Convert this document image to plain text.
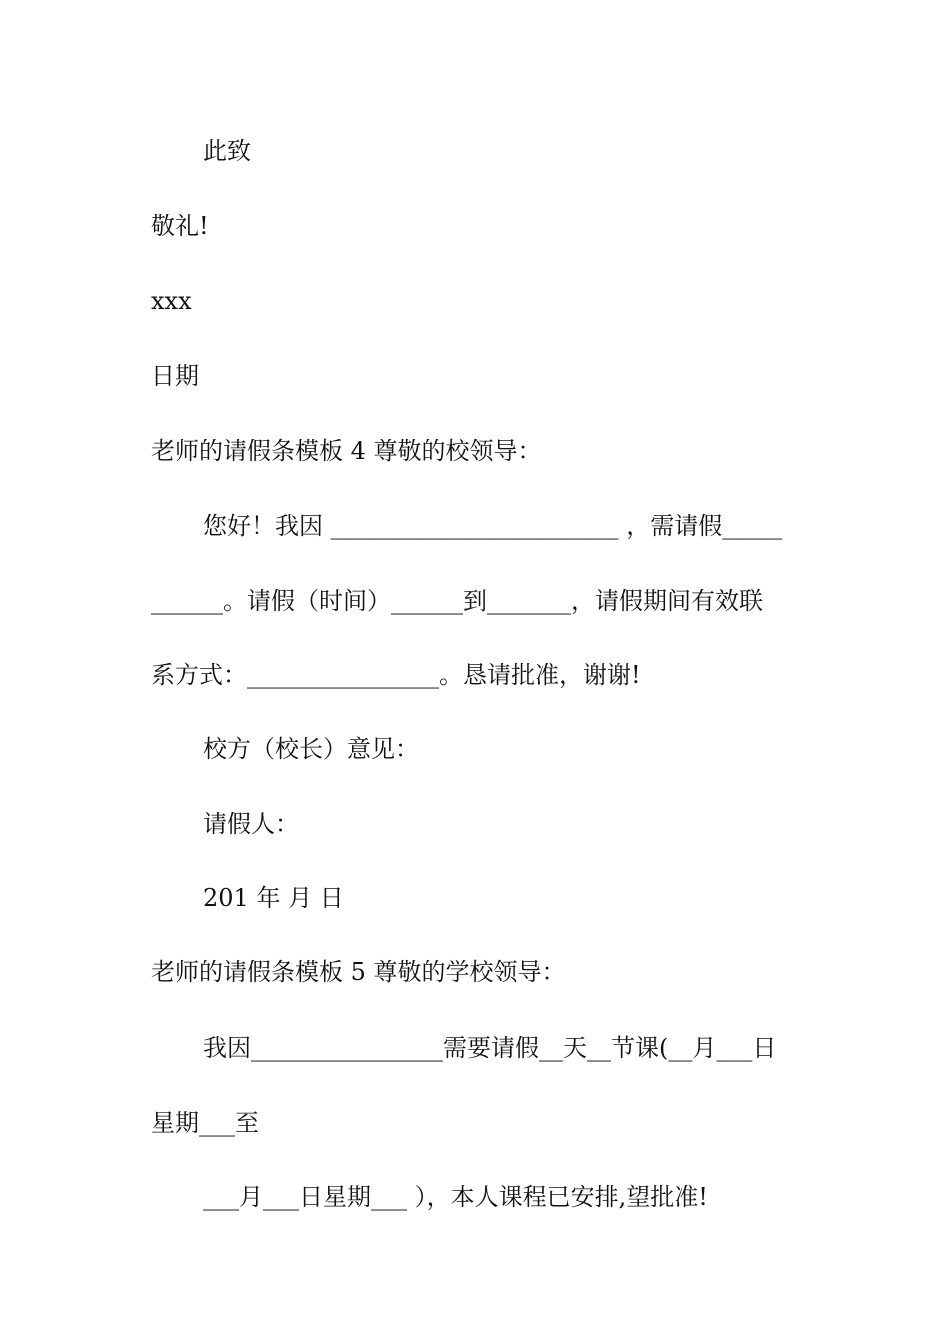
此致
敬礼!
xxx
日期
老师的请假条模板 4 尊敬的校领导：
您好！我因 ________________________ ，需请假_____
______。请假（时间）______到_______，请假期间有效联
系方式：________________。恳请批准，谢谢!
校方（校长）意见：
请假人：
201 年 月 日
老师的请假条模板 5 尊敬的学校领导：
我因________________需要请假__天__节课(__月___日
星期___至
___月___日星期___ ），本人课程已安排,望批准!
